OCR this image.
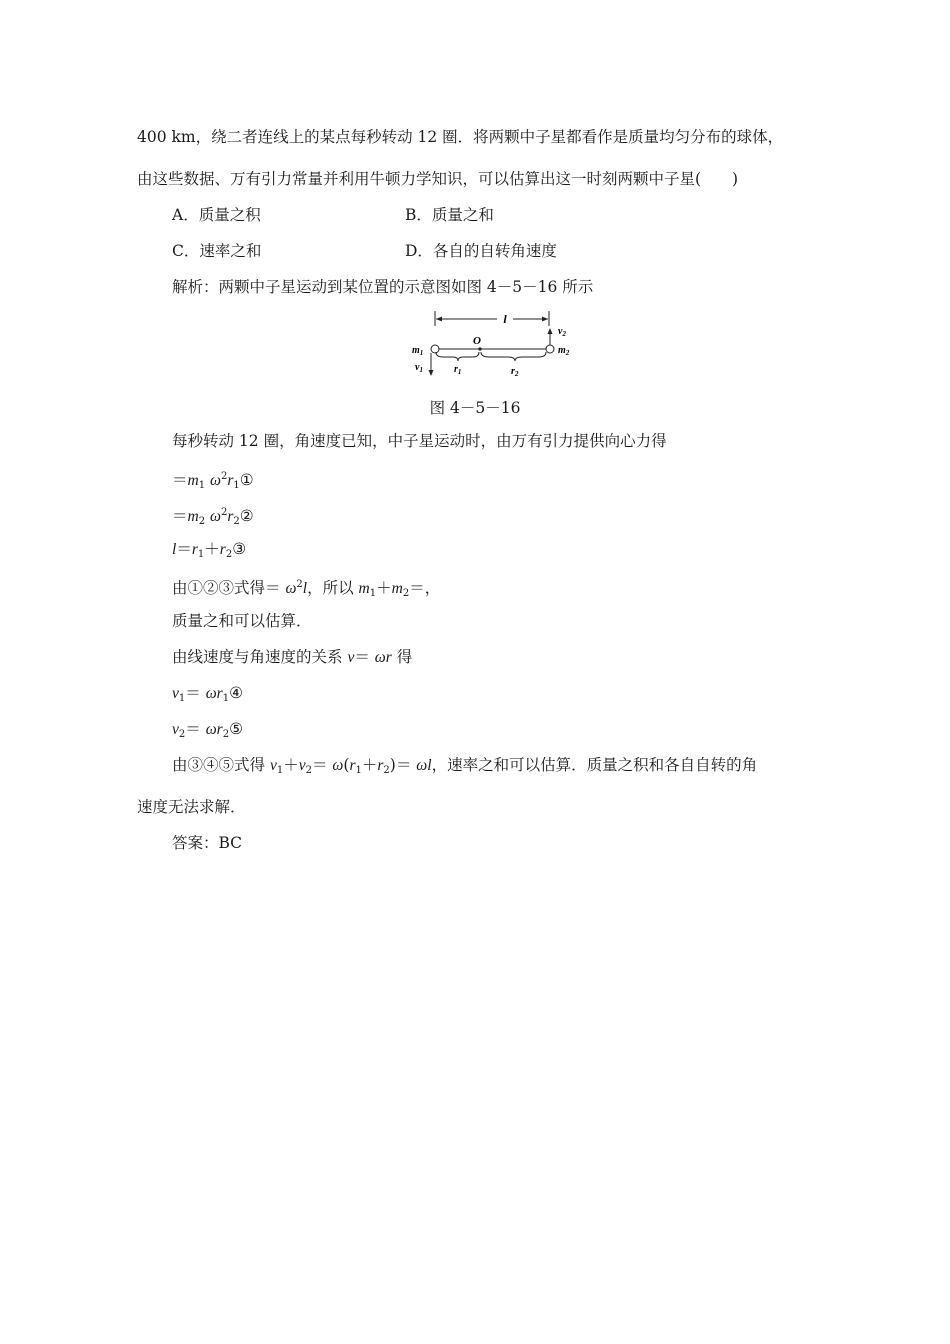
400 km，绕二者连线上的某点每秒转动 12 圈．将两颗中子星都看作是质量均匀分布的球体，
由这些数据、万有引力常量并利用牛顿力学知识，可以估算出这一时刻两颗中子星(　　)
A．质量之积	B．质量之和
C．速率之和	D．各自的自转角速度
解析：两颗中子星运动到某位置的示意图如图 4－5－16 所示
l
O
$m_1$	$m_2$
$v_1$
$v_2$
$r_1$	$r_2$
图 4－5－16
每秒转动 12 圈，角速度已知，中子星运动时，由万有引力提供向心力得
$=m_1$ $\omega^2r_1①$
$=m_2$ $\omega^2r_2②$
$l=r_1+r_2③$
由①②③式得＝ $\omega^2l$，所以 $m_1+m_2=$，
质量之和可以估算．
由线速度与角速度的关系 v＝ ωr 得
$v_1=$ $\omega r_1④$
$v_2=$ $\omega r_2⑤$
由③④⑤式得 $v_1+v_2= \omega(r_1+r_2)= \omega l$，速率之和可以估算．质量之积和各自自转的角
速度无法求解．
答案：BC
